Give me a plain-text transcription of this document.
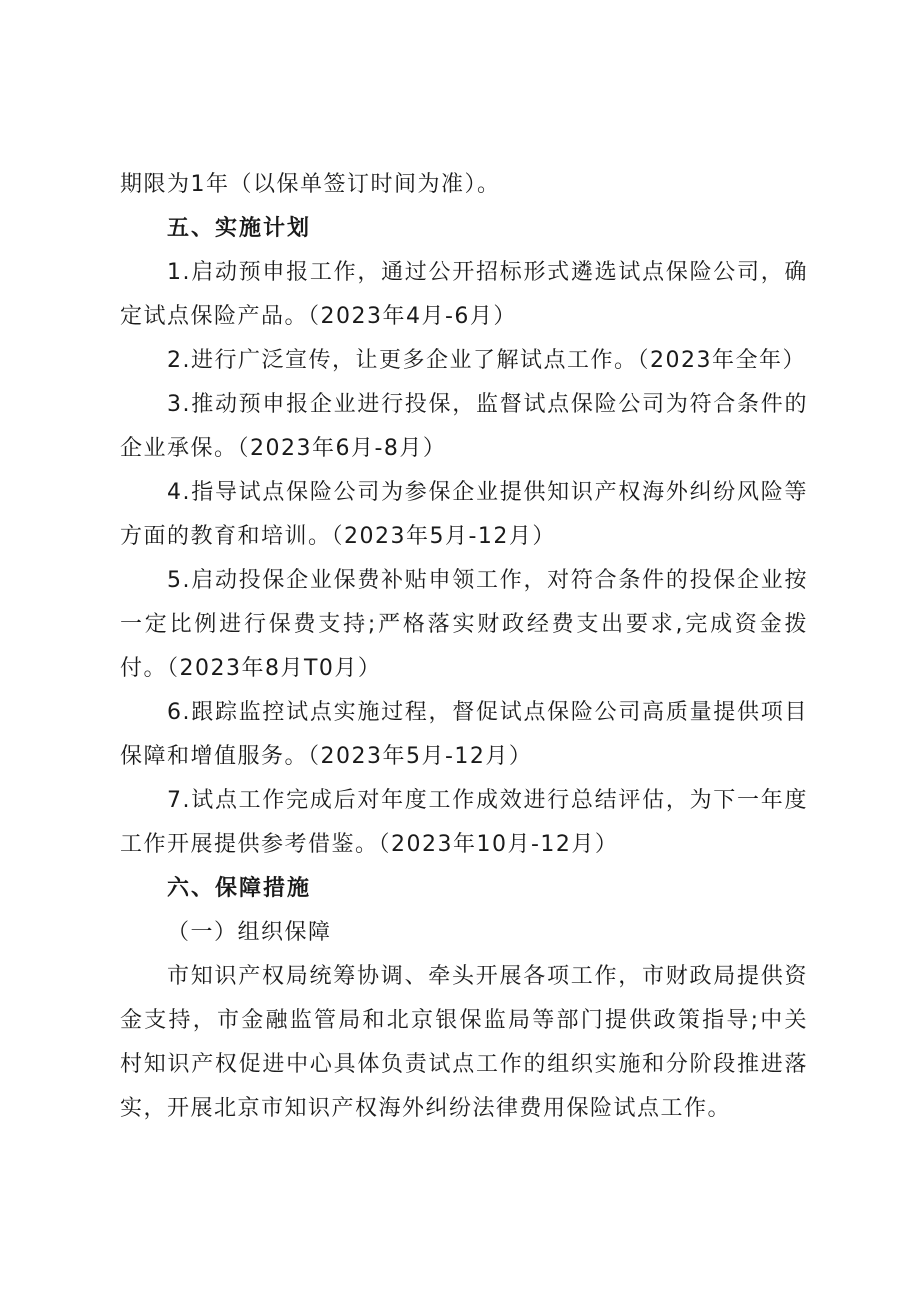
期限为1年（以保单签订时间为准）。

五、实施计划

1.启动预申报工作，通过公开招标形式遴选试点保险公司，确定试点保险产品。（2023年4月-6月）

2.进行广泛宣传，让更多企业了解试点工作。（2023年全年）

3.推动预申报企业进行投保，监督试点保险公司为符合条件的企业承保。（2023年6月-8月）

4.指导试点保险公司为参保企业提供知识产权海外纠纷风险等方面的教育和培训。（2023年5月-12月）

5.启动投保企业保费补贴申领工作，对符合条件的投保企业按一定比例进行保费支持;严格落实财政经费支出要求,完成资金拨付。（2023年8月T0月）

6.跟踪监控试点实施过程，督促试点保险公司高质量提供项目保障和增值服务。（2023年5月-12月）

7.试点工作完成后对年度工作成效进行总结评估，为下一年度工作开展提供参考借鉴。（2023年10月-12月）

六、保障措施

（一）组织保障

市知识产权局统筹协调、牵头开展各项工作，市财政局提供资金支持，市金融监管局和北京银保监局等部门提供政策指导;中关村知识产权促进中心具体负责试点工作的组织实施和分阶段推进落实，开展北京市知识产权海外纠纷法律费用保险试点工作。
